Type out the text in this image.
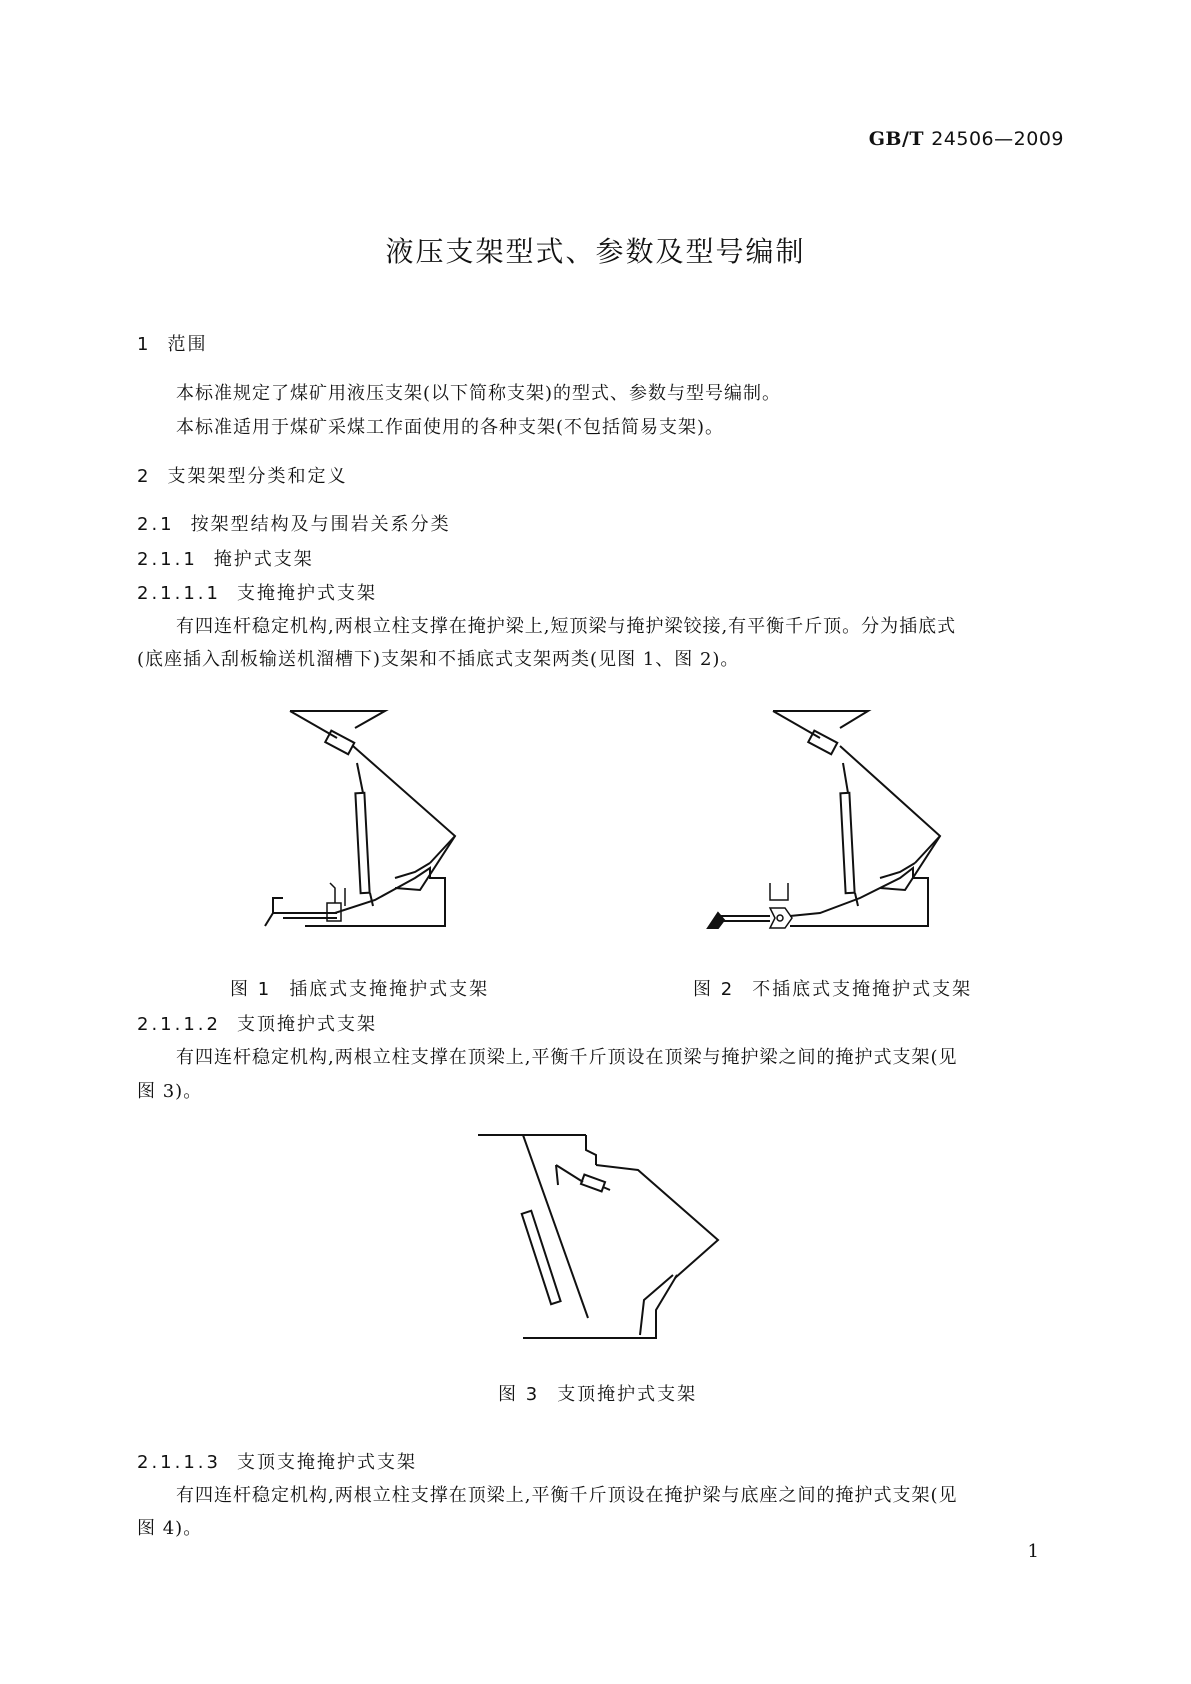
GB/T 24506—2009
液压支架型式、参数及型号编制
1 范围
本标准规定了煤矿用液压支架(以下简称支架)的型式、参数与型号编制。
本标准适用于煤矿采煤工作面使用的各种支架(不包括简易支架)。
2 支架架型分类和定义
2.1 按架型结构及与围岩关系分类
2.1.1 掩护式支架
2.1.1.1 支掩掩护式支架
有四连杆稳定机构,两根立柱支撑在掩护梁上,短顶梁与掩护梁铰接,有平衡千斤顶。分为插底式
(底座插入刮板输送机溜槽下)支架和不插底式支架两类(见图 1、图 2)。
图 1 插底式支掩掩护式支架	图 2 不插底式支掩掩护式支架
2.1.1.2 支顶掩护式支架
有四连杆稳定机构,两根立柱支撑在顶梁上,平衡千斤顶设在顶梁与掩护梁之间的掩护式支架(见
图 3)。
图 3 支顶掩护式支架
2.1.1.3 支顶支掩掩护式支架
有四连杆稳定机构,两根立柱支撑在顶梁上,平衡千斤顶设在掩护梁与底座之间的掩护式支架(见
图 4)。
1
